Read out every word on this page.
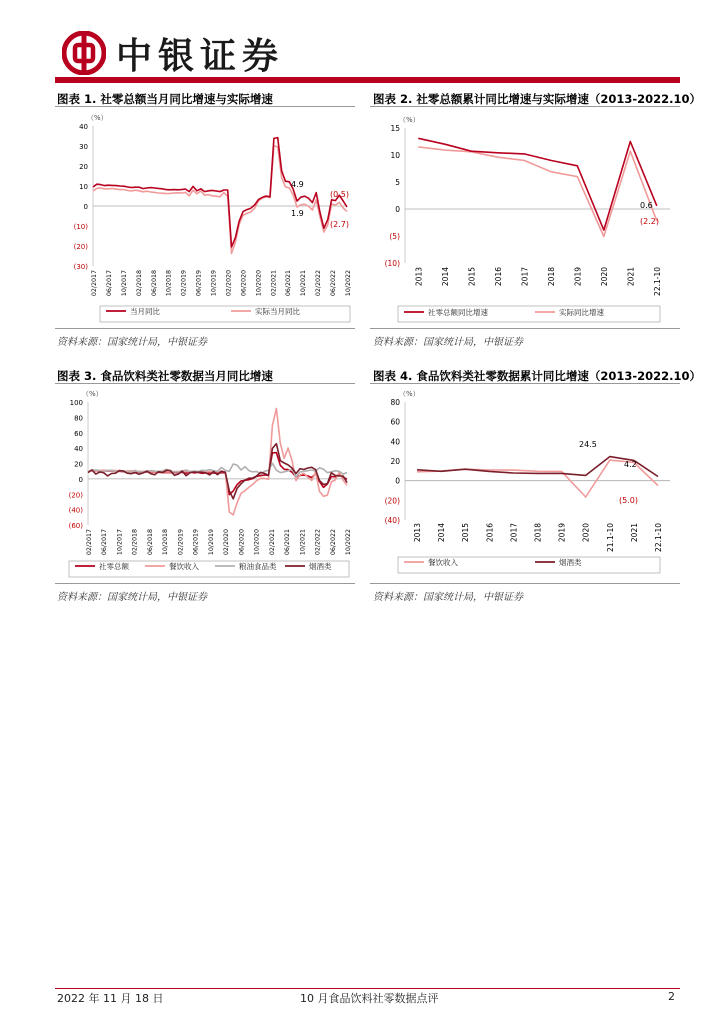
中银证券
图表 1. 社零总额当月同比增速与实际增速
（%）
40
30
20
10
0
(10)
(20)
(30)
02/2017 06/2017 10/2017 02/2018 06/2018 10/2018 02/2019 06/2019 10/2019 02/2020 06/2020 10/2020 02/2021 06/2021 10/2021 02/2022 06/2022 10/2022
4.9
1.9
(0.5)
(2.7)
当月同比	实际当月同比
资料来源：国家统计局，中银证券
图表 2. 社零总额累计同比增速与实际增速（2013-2022.10）
（%）
15
10
5
0
(5)
(10)
2013 2014 2015 2016 2017 2018 2019 2020 2021 22.1-10
0.6
(2.2)
社零总额同比增速	实际同比增速
资料来源：国家统计局，中银证券
图表 3. 食品饮料类社零数据当月同比增速
（%）
100
80
60
40
20
0
(20)
(40)
(60)
02/2017 06/2017 10/2017 02/2018 06/2018 10/2018 02/2019 06/2019 10/2019 02/2020 06/2020 10/2020 02/2021 06/2021 10/2021 02/2022 06/2022 10/2022
社零总额	餐饮收入	粮油食品类	烟酒类
资料来源：国家统计局，中银证券
图表 4. 食品饮料类社零数据累计同比增速（2013-2022.10）
（%）
80
60
40
20
0
(20)
(40)
2013 2014 2015 2016 2017 2018 2019 2020 21.1-10 2021 22.1-10
24.5
4.2
(5.0)
餐饮收入	烟酒类
资料来源：国家统计局，中银证券
2022 年 11 月 18 日	10 月食品饮料社零数据点评	2
